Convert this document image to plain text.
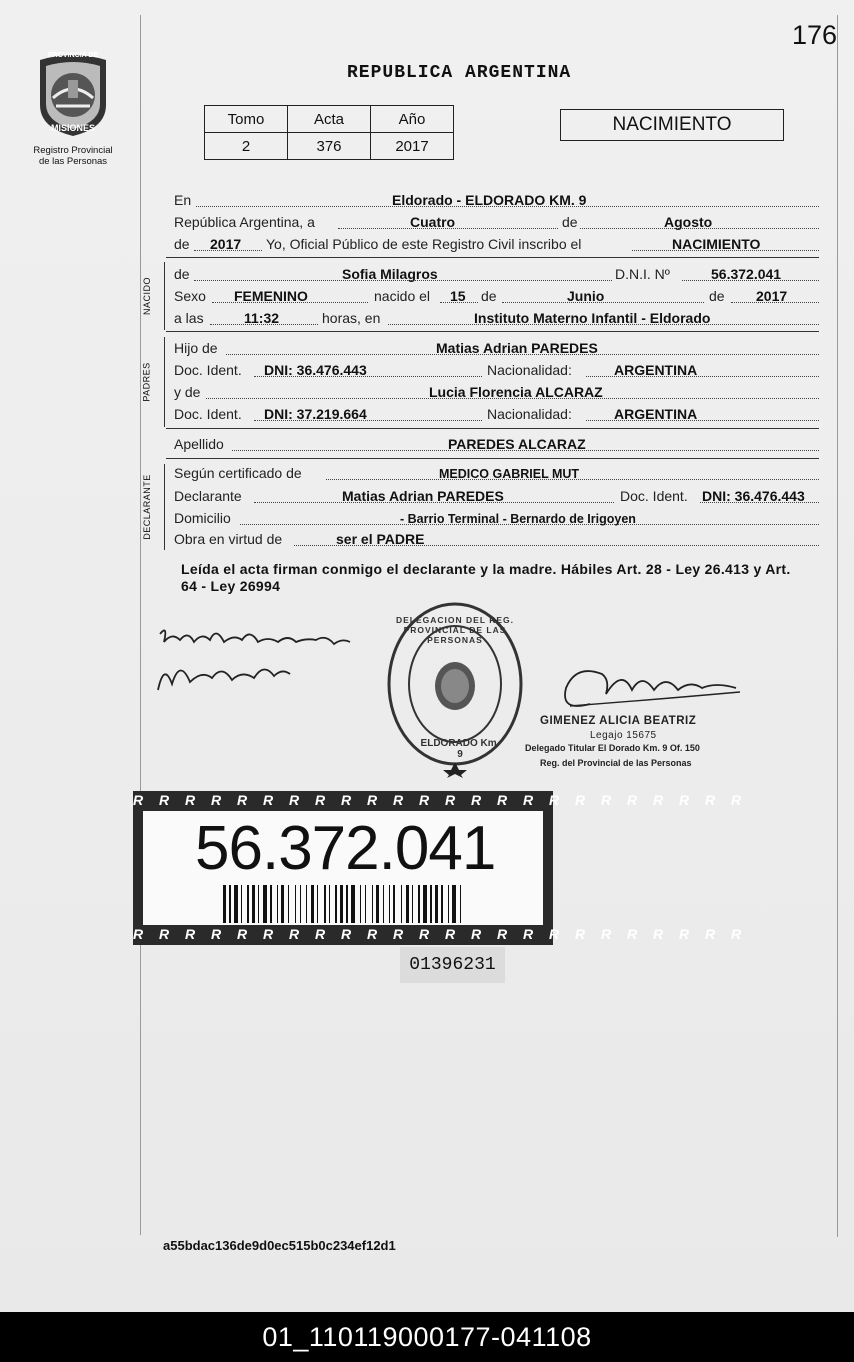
176
PROVINCIA DE
MISIONES
Registro Provincial
de las Personas
REPUBLICA ARGENTINA
Tomo	Acta	Año
2	376	2017
NACIMIENTO
En	Eldorado - ELDORADO KM. 9
República Argentina, a	Cuatro	de	Agosto
de 2017 Yo, Oficial Público de este Registro Civil inscribo el	NACIMIENTO
NACIDO
de	Sofia Milagros	D.N.I. Nº	56.372.041
Sexo FEMENINO	nacido el 15 de	Junio	de 2017
a las	11:32	horas, en	Instituto Materno Infantil - Eldorado
PADRES
Hijo de	Matias Adrian PAREDES
Doc. Ident. DNI: 36.476.443	Nacionalidad:	ARGENTINA
y de	Lucia Florencia ALCARAZ
Doc. Ident. DNI: 37.219.664	Nacionalidad:	ARGENTINA
Apellido	PAREDES ALCARAZ
DECLARANTE
Según certificado de	MEDICO GABRIEL MUT
Declarante	Matias Adrian PAREDES	Doc. Ident. DNI: 36.476.443
Domicilio	- Barrio Terminal - Bernardo de Irigoyen
Obra en virtud de	ser el PADRE
Leída el acta firman conmigo el declarante y la madre. Hábiles Art. 28 - Ley 26.413 y Art. 64 - Ley 26994
DELEGACION DEL REG. PROVINCIAL DE LAS PERSONAS
ELDORADO Km. 9
GIMENEZ ALICIA BEATRIZ
Legajo 15675
Delegado Titular El Dorado Km. 9 Of. 150
Reg. del Provincial de las Personas
R R R R R R R R R R R R R R R R R R R R R R R R
R R R R R R R R R R R R R R R R R R R R R R R R
56.372.041
01396231
a55bdac136de9d0ec515b0c234ef12d1
01_110119000177-041108
